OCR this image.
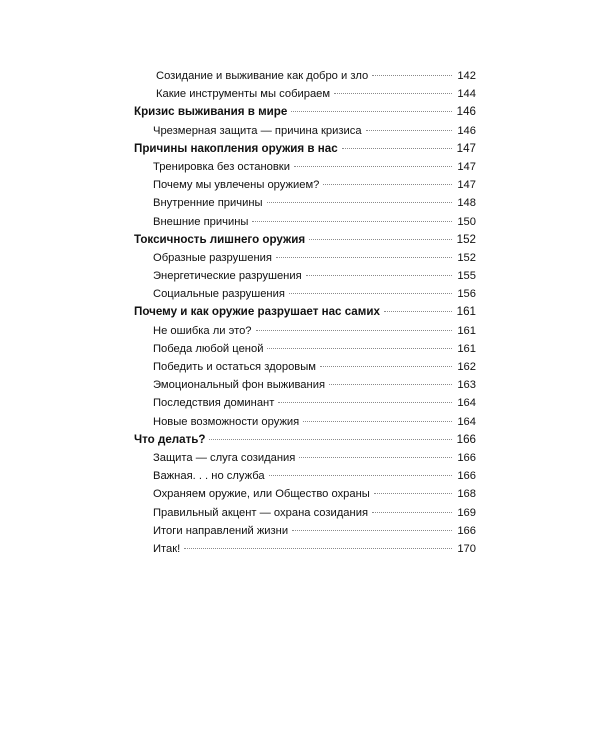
Созидание и выживание как добро и зло	142
Какие инструменты мы собираем	144
Кризис выживания в мире	146
Чрезмерная защита — причина кризиса	146
Причины накопления оружия в нас	147
Тренировка без остановки	147
Почему мы увлечены оружием?	147
Внутренние причины	148
Внешние причины	150
Токсичность лишнего оружия	152
Образные разрушения	152
Энергетические разрушения	155
Социальные разрушения	156
Почему и как оружие разрушает нас самих	161
Не ошибка ли это?	161
Победа любой ценой	161
Победить и остаться здоровым	162
Эмоциональный фон выживания	163
Последствия доминант	164
Новые возможности оружия	164
Что делать?	166
Защита — слуга созидания	166
Важная. . . но служба	166
Охраняем оружие, или Общество охраны	168
Правильный акцент — охрана созидания	169
Итоги направлений жизни	166
Итак!	170
